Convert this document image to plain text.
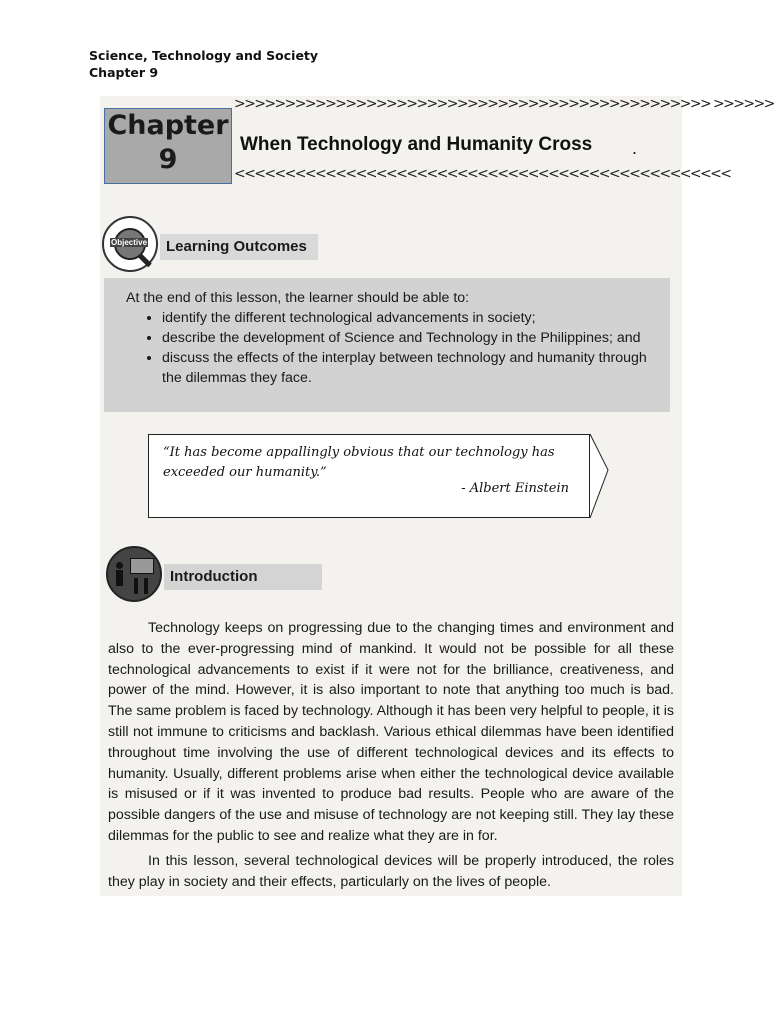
Science, Technology and Society
Chapter 9
>>>>>>>>>>>>>>>>>>>>>>>>>>>>>>>>>>>>>>>>>>>>>>> >>>>>>
Chapter
9	When Technology and Humanity Cross .
<<<<<<<<<<<<<<<<<<<<<<<<<<<<<<<<<<<<<<<<<<<<<<<<<
Objective	Learning Outcomes
At the end of this lesson, the learner should be able to:
• identify the different technological advancements in society;
• describe the development of Science and Technology in the Philippines; and
• discuss the effects of the interplay between technology and humanity through the dilemmas they face.
“It has become appallingly obvious that our technology has exceeded our humanity.”
- Albert Einstein
Introduction

Technology keeps on progressing due to the changing times and environment and also to the ever-progressing mind of mankind. It would not be possible for all these technological advancements to exist if it were not for the brilliance, creativeness, and power of the mind. However, it is also important to note that anything too much is bad. The same problem is faced by technology. Although it has been very helpful to people, it is still not immune to criticisms and backlash. Various ethical dilemmas have been identified throughout time involving the use of different technological devices and its effects to humanity. Usually, different problems arise when either the technological device available is misused or if it was invented to produce bad results. People who are aware of the possible dangers of the use and misuse of technology are not keeping still. They lay these dilemmas for the public to see and realize what they are in for.

In this lesson, several technological devices will be properly introduced, the roles they play in society and their effects, particularly on the lives of people.
